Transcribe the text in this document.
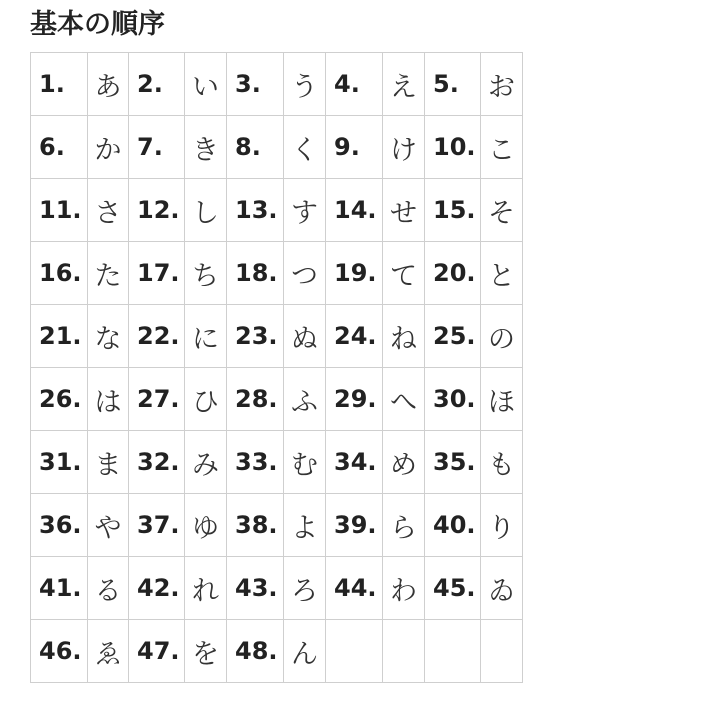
基本の順序
1.	あ	2.	い	3.	う	4.	え	5.	お
6.	か	7.	き	8.	く	9.	け	10.	こ
11.	さ	12.	し	13.	す	14.	せ	15.	そ
16.	た	17.	ち	18.	つ	19.	て	20.	と
21.	な	22.	に	23.	ぬ	24.	ね	25.	の
26.	は	27.	ひ	28.	ふ	29.	へ	30.	ほ
31.	ま	32.	み	33.	む	34.	め	35.	も
36.	や	37.	ゆ	38.	よ	39.	ら	40.	り
41.	る	42.	れ	43.	ろ	44.	わ	45.	ゐ
46.	ゑ	47.	を	48.	ん				
